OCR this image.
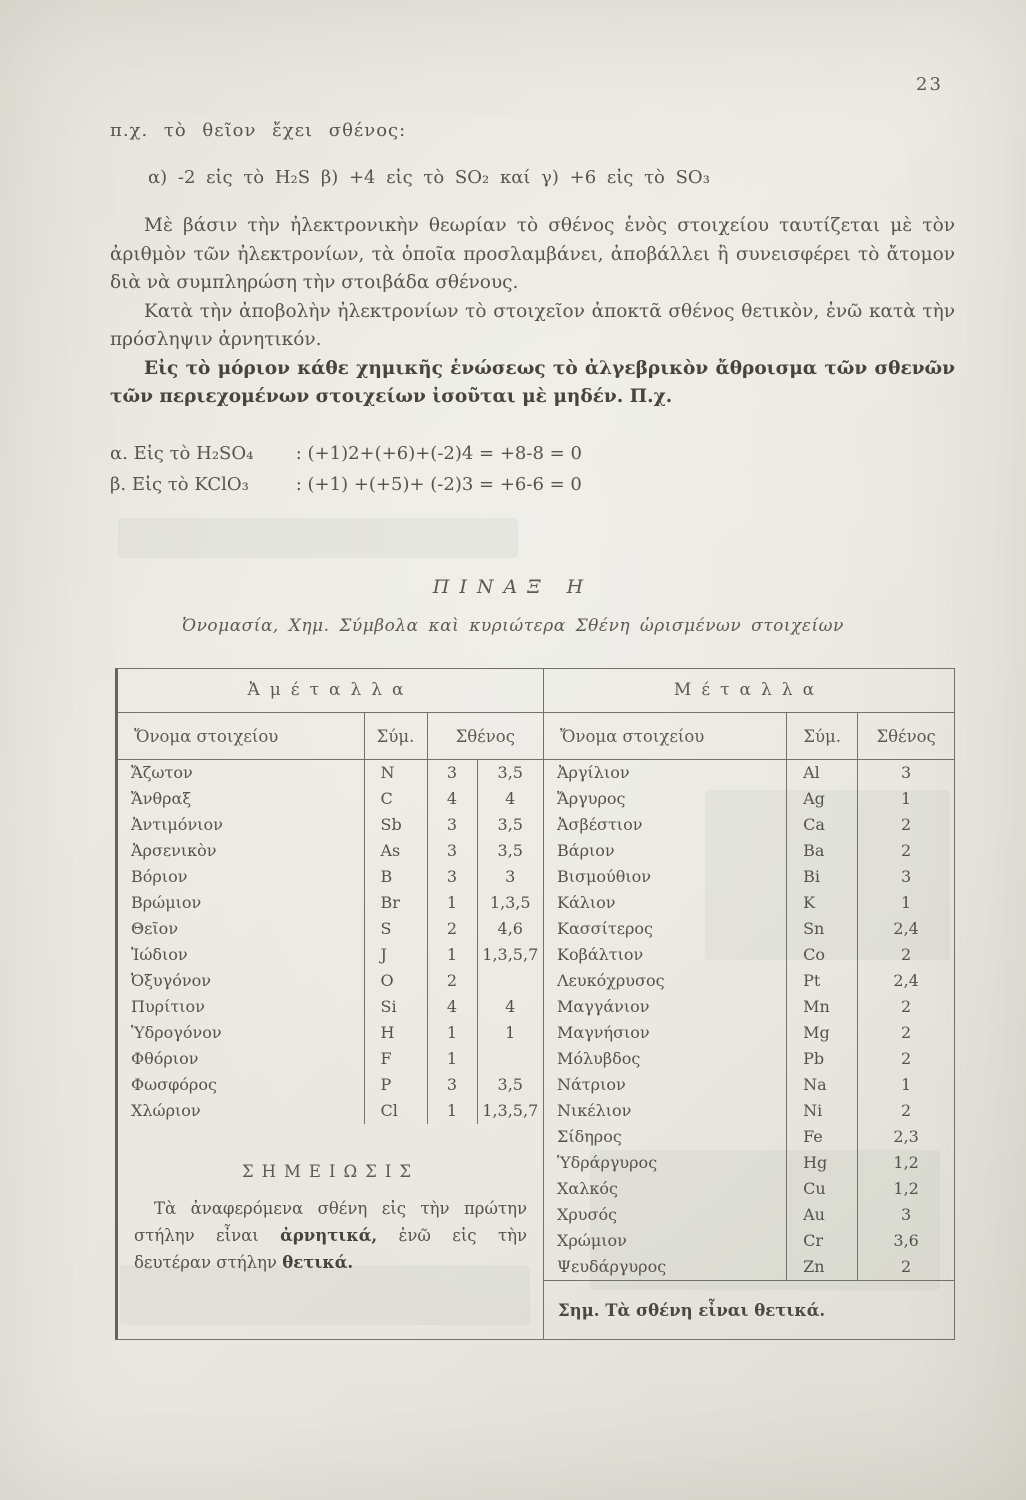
23

π.χ. τὸ θεῖον ἔχει σθένος:

α) -2 εἰς τὸ H₂S β) +4 εἰς τὸ SO₂ καί γ) +6 εἰς τὸ SO₃

Μὲ βάσιν τὴν ἠλεκτρονικὴν θεωρίαν τὸ σθένος ἑνὸς στοιχείου ταυτίζεται μὲ τὸν ἀριθμὸν τῶν ἠλεκτρονίων, τὰ ὁποῖα προσλαμβάνει, ἀποβάλλει ἢ συνεισφέρει τὸ ἄτομον διὰ νὰ συμπληρώση τὴν στοιβάδα σθένους.

Κατὰ τὴν ἀποβολὴν ἠλεκτρονίων τὸ στοιχεῖον ἀποκτᾶ σθένος θετικὸν, ἐνῶ κατὰ τὴν πρόσληψιν ἀρνητικόν.

Εἰς τὸ μόριον κάθε χημικῆς ἑνώσεως τὸ ἀλγεβρικὸν ἄθροισμα τῶν σθενῶν τῶν περιεχομένων στοιχείων ἰσοῦται μὲ μηδέν. Π.χ.

α. Εἰς τὸ H₂SO₄ : (+1)2+(+6)+(-2)4 = +8-8 = 0
β. Εἰς τὸ KClO₃	: (+1) +(+5)+ (-2)3 = +6-6 = 0
ΠΙΝΑΞ Η
Ὀνομασία, Χημ. Σύμβολα καὶ κυριώτερα Σθένη ὡρισμένων στοιχείων
Ἀμέταλλα
Ὄνομα στοιχείου	Σύμ.	Σθένος	
Ἄζωτον	N	3	3,5
Ἄνθραξ	C	4	4
Ἀντιμόνιον	Sb	3	3,5
Ἀρσενικὸν	As	3	3,5
Βόριον	B	3	3
Βρώμιον	Br	1	1,3,5
Θεῖον	S	2	4,6
Ἰώδιον	J	1	1,3,5,7
Ὀξυγόνον	O	2	
Πυρίτιον	Si	4	4
Ὑδρογόνον	H	1	1
Φθόριον	F	1	
Φωσφόρος	P	3	3,5
Χλώριον	Cl	1	1,3,5,7
ΣΗΜΕΙΩΣΙΣ

Τὰ ἀναφερόμενα σθένη εἰς τὴν πρώτην στήλην εἶναι ἀρνητικά, ἐνῶ εἰς τὴν δευτέραν στήλην θετικά.

Μέταλλα
Ὄνομα στοιχείου	Σύμ.	Σθένος
Ἀργίλιον	Al	3
Ἄργυρος	Ag	1
Ἀσβέστιον	Ca	2
Βάριον	Ba	2
Βισμούθιον	Bi	3
Κάλιον	K	1
Κασσίτερος	Sn	2,4
Κοβάλτιον	Co	2
Λευκόχρυσος	Pt	2,4
Μαγγάνιον	Mn	2
Μαγνήσιον	Mg	2
Μόλυβδος	Pb	2
Νάτριον	Na	1
Νικέλιον	Ni	2
Σίδηρος	Fe	2,3
Ὑδράργυρος	Hg	1,2
Χαλκός	Cu	1,2
Χρυσός	Au	3
Χρώμιον	Cr	3,6
Ψευδάργυρος	Zn	2
Σημ. Τὰ σθένη εἶναι θετικά.
